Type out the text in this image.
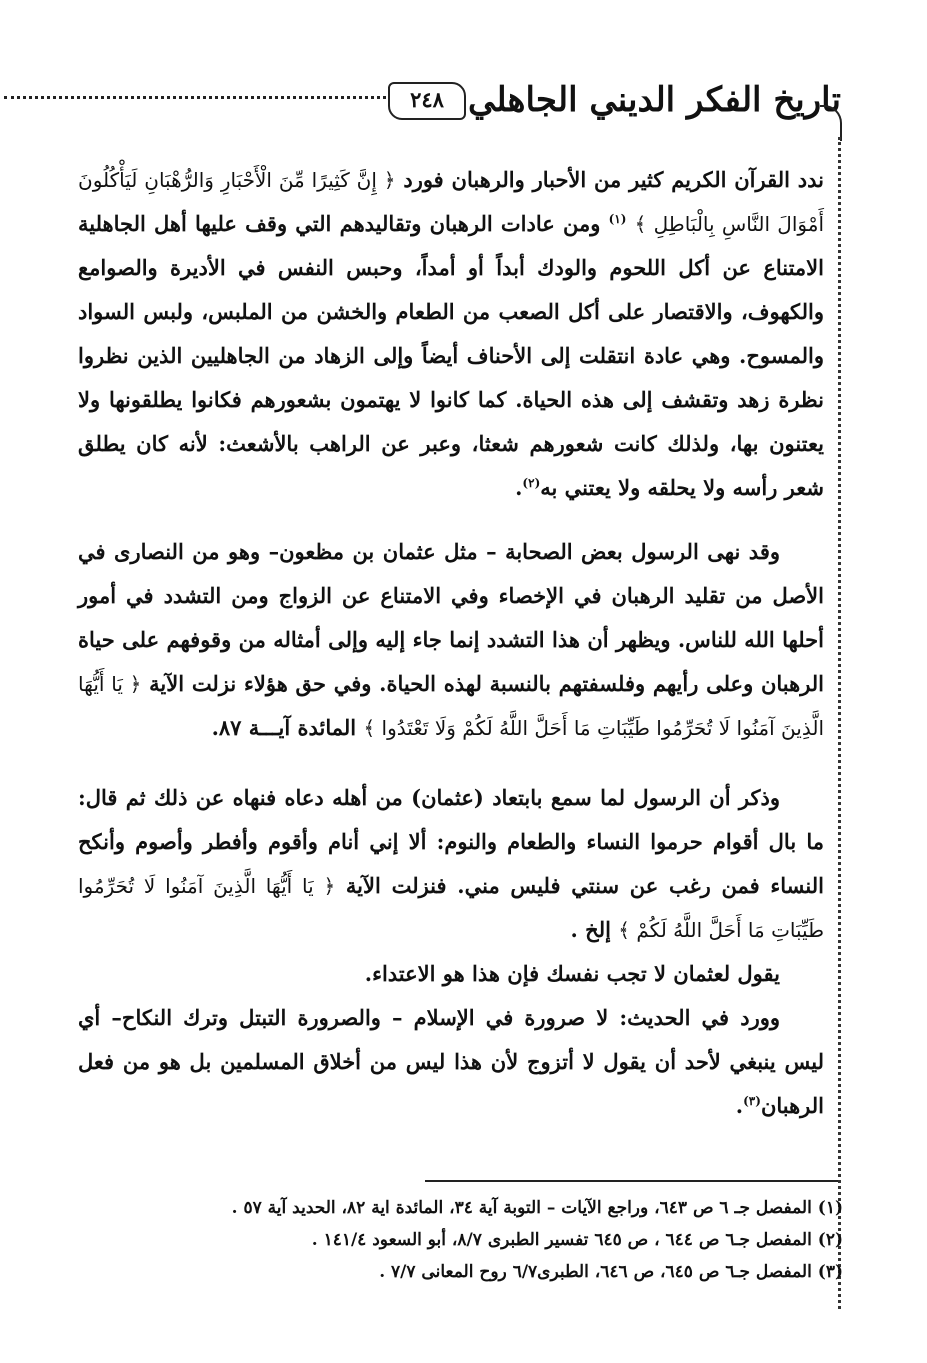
٢٤٨ تاريخ الفكر الديني الجاهلي

ندد القرآن الكريم كثير من الأحبار والرهبان فورد ﴿ إِنَّ كَثِيرًا مِّنَ الْأَحْبَارِ وَالرُّهْبَانِ لَيَأْكُلُونَ أَمْوَالَ النَّاسِ بِالْبَاطِلِ ﴾ $^{(١)}$ ومن عادات الرهبان وتقاليدهم التي وقف عليها أهل الجاهلية الامتناع عن أكل اللحوم والودك أبداً أو أمداً، وحبس النفس في الأديرة والصوامع والكهوف، والاقتصار على أكل الصعب من الطعام والخشن من الملبس، ولبس السواد والمسوح. وهي عادة انتقلت إلى الأحناف أيضاً وإلى الزهاد من الجاهليين الذين نظروا نظرة زهد وتقشف إلى هذه الحياة. كما كانوا لا يهتمون بشعورهم فكانوا يطلقونها ولا يعتنون بها، ولذلك كانت شعورهم شعثا، وعبر عن الراهب بالأشعث: لأنه كان يطلق شعر رأسه ولا يحلقه ولا يعتني به$^{(٢)}$.

وقد نهى الرسول بعض الصحابة – مثل عثمان بن مظعون– وهو من النصارى في الأصل من تقليد الرهبان في الإخصاء وفي الامتناع عن الزواج ومن التشدد في أمور أحلها الله للناس. ويظهر أن هذا التشدد إنما جاء إليه وإلى أمثاله من وقوفهم على حياة الرهبان وعلى رأيهم وفلسفتهم بالنسبة لهذه الحياة. وفي حق هؤلاء نزلت الآية ﴿ يَا أَيُّهَا الَّذِينَ آمَنُوا لَا تُحَرِّمُوا طَيِّبَاتِ مَا أَحَلَّ اللَّهُ لَكُمْ وَلَا تَعْتَدُوا ﴾ المائدة آيـــة ٨٧.

وذكر أن الرسول لما سمع بابتعاد (عثمان) من أهله دعاه فنهاه عن ذلك ثم قال: ما بال أقوام حرموا النساء والطعام والنوم: ألا إني أنام وأقوم وأفطر وأصوم وأنكح النساء فمن رغب عن سنتي فليس مني. فنزلت الآية ﴿ يَا أَيُّهَا الَّذِينَ آمَنُوا لَا تُحَرِّمُوا طَيِّبَاتِ مَا أَحَلَّ اللَّهُ لَكُمْ ﴾ إلخ .

يقول لعثمان لا تجب نفسك فإن هذا هو الاعتداء.

وورد في الحديث: لا صرورة في الإسلام – والصرورة التبتل وترك النكاح– أي ليس ينبغي لأحد أن يقول لا أتزوج لأن هذا ليس من أخلاق المسلمين بل هو من فعل الرهبان$^{(٣)}$.

(١) المفصل جـ ٦ ص ٦٤٣، وراجع الآيات – التوبة آية ٣٤، المائدة اية ٨٢، الحديد آية ٥٧ .
(٢) المفصل جـ٦ ص ٦٤٤ ، ص ٦٤٥ تفسير الطبرى ٨/٧، أبو السعود ١٤١/٤ .
(٣) المفصل جـ٦ ص ٦٤٥، ص ٦٤٦، الطبرى٦/٧ روح المعانى ٧/٧ .
